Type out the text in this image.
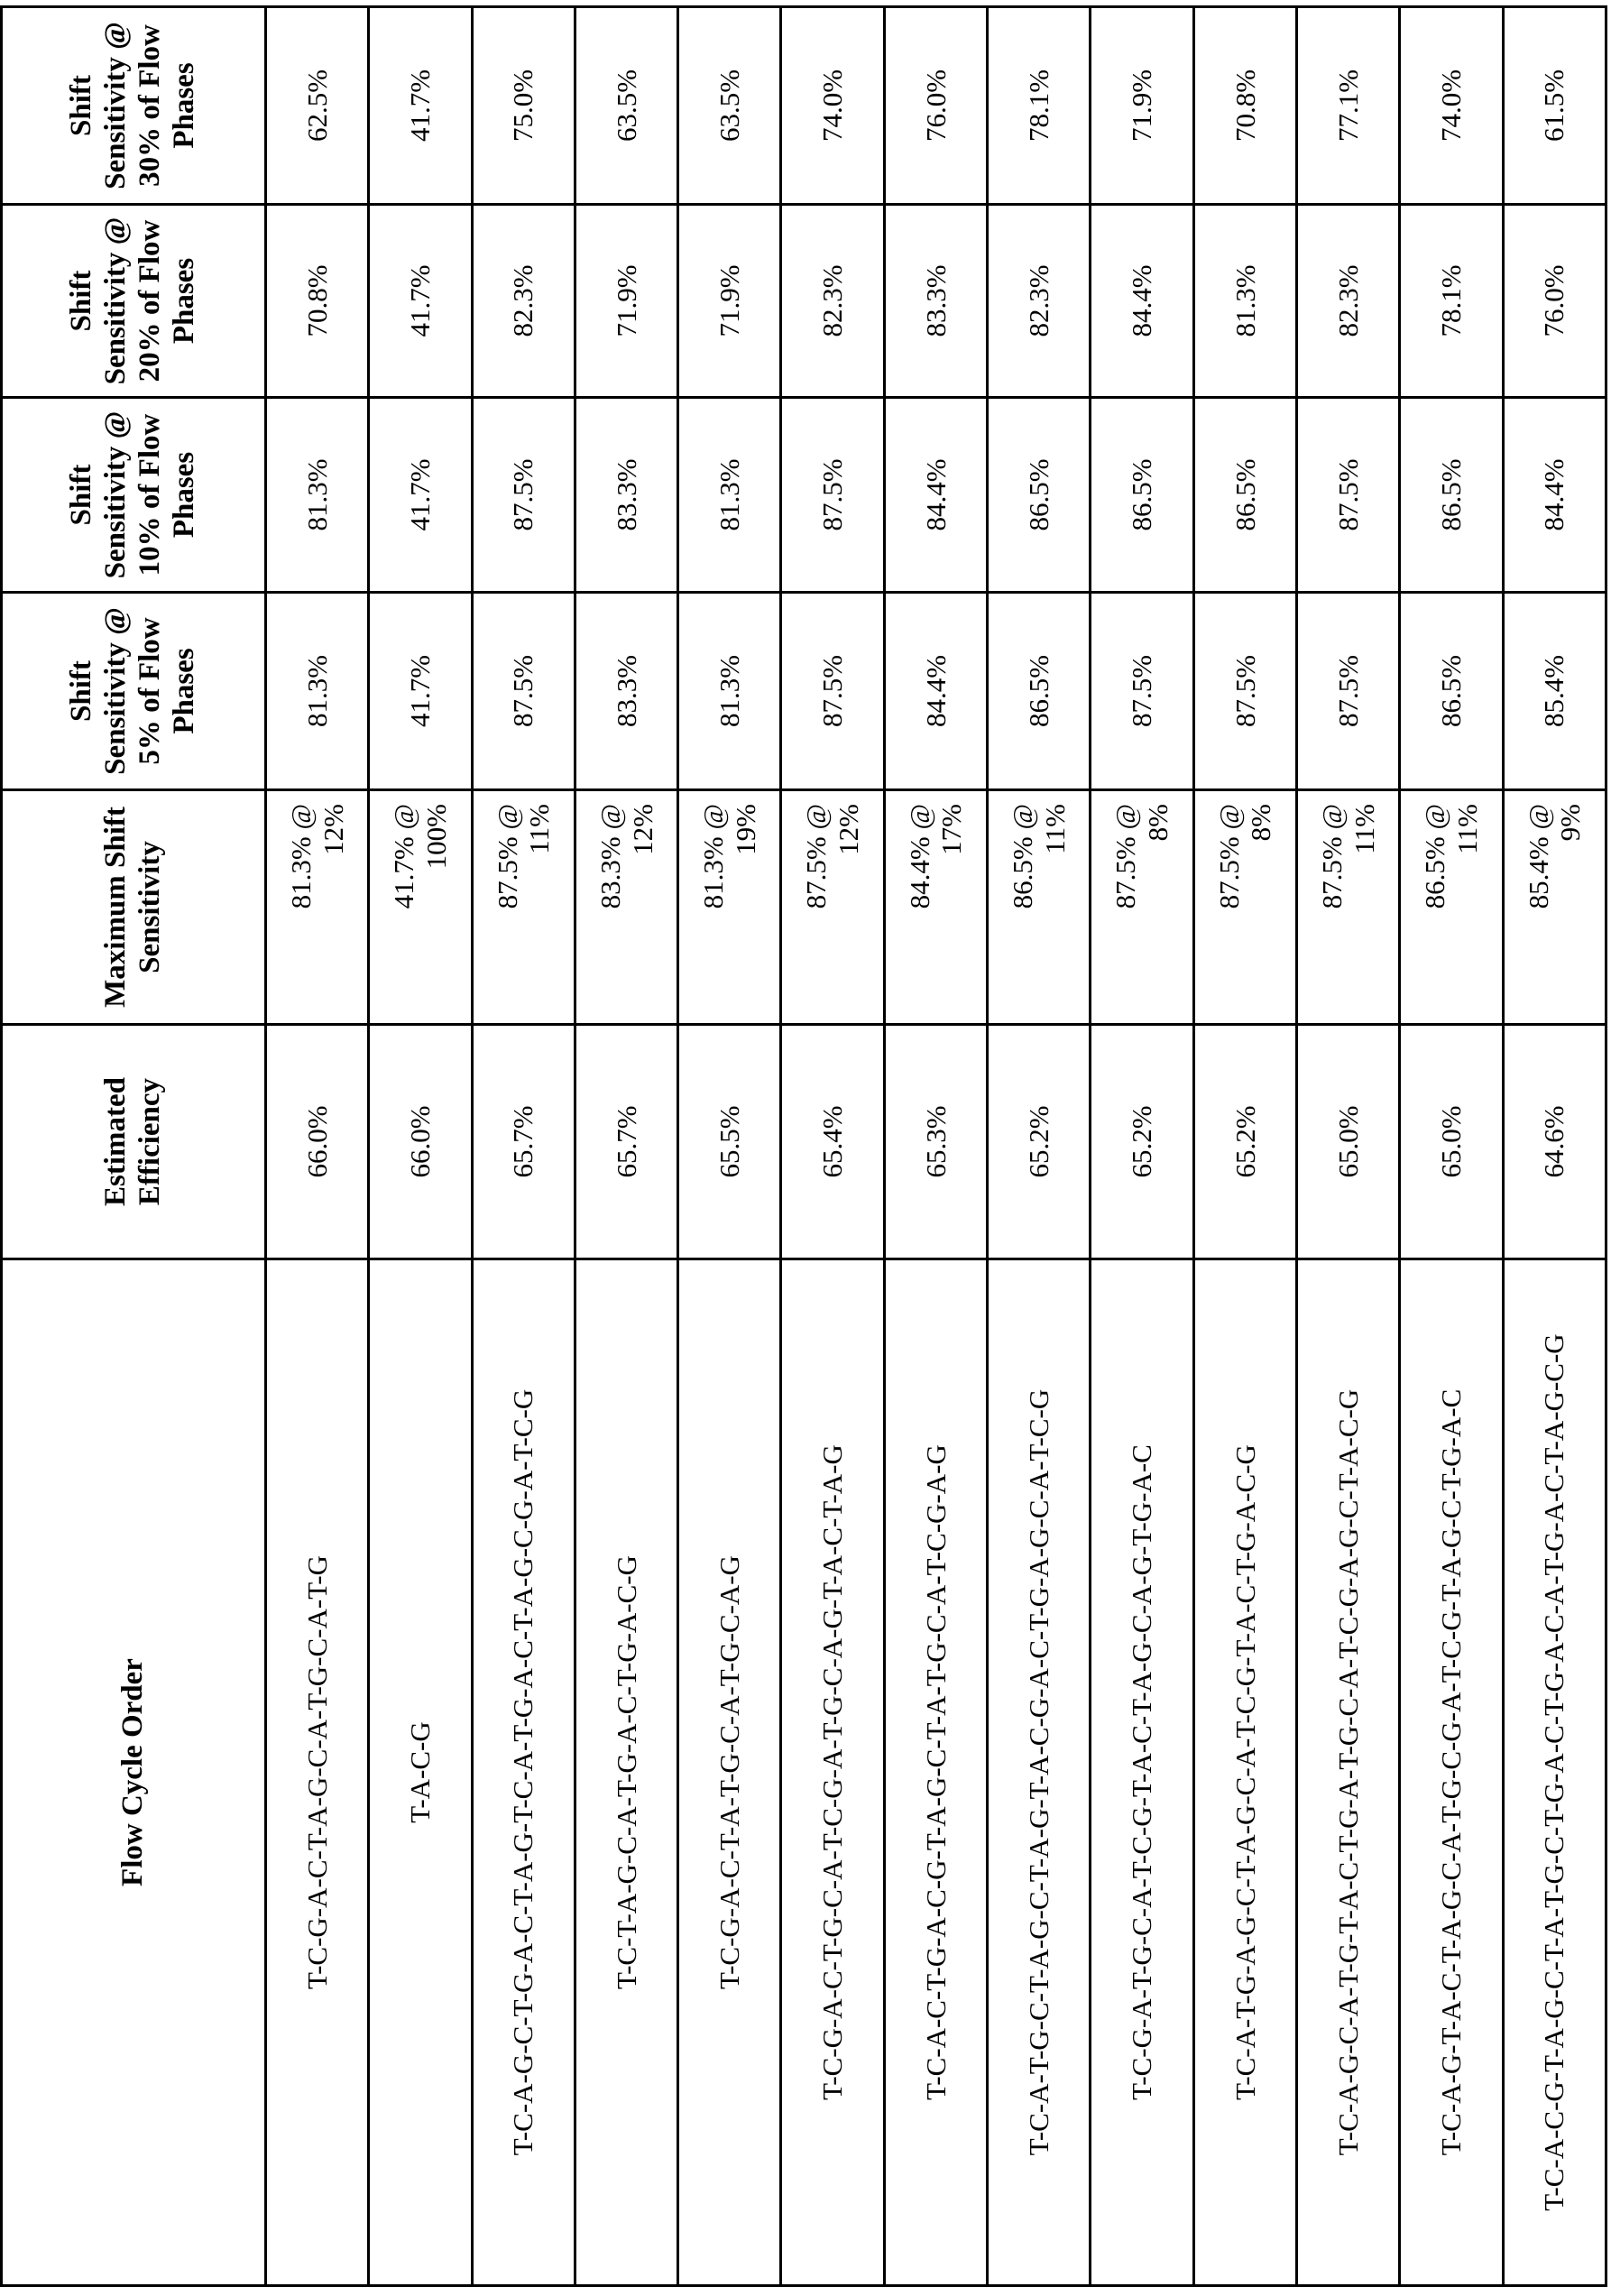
Flow Cycle Order	Estimated Efficiency	Maximum Shift Sensitivity	Shift Sensitivity @ 5% of Flow Phases	Shift Sensitivity @ 10% of Flow Phases	Shift Sensitivity @ 20% of Flow Phases	Shift Sensitivity @ 30% of Flow Phases
T-C-G-A-C-T-A-G-C-A-T-G-C-A-T-G	66.0%	
81.3% @ 12%
	81.3%	81.3%	70.8%	62.5%
T-A-C-G	66.0%	
41.7% @ 100%
	41.7%	41.7%	41.7%	41.7%
T-C-A-G-C-T-G-A-C-T-A-G-T-C-A-T-G-A-C-T-A-G-C-G-A-T-C-G	65.7%	
87.5% @ 11%
	87.5%	87.5%	82.3%	75.0%
T-C-T-A-G-C-A-T-G-A-C-T-G-A-C-G	65.7%	
83.3% @ 12%
	83.3%	83.3%	71.9%	63.5%
T-C-G-A-C-T-A-T-G-C-A-T-G-C-A-G	65.5%	
81.3% @ 19%
	81.3%	81.3%	71.9%	63.5%
T-C-G-A-C-T-G-C-A-T-C-G-A-T-G-C-A-G-T-A-C-T-A-G	65.4%	
87.5% @ 12%
	87.5%	87.5%	82.3%	74.0%
T-C-A-C-T-G-A-C-G-T-A-G-C-T-A-T-G-C-A-T-C-G-A-G	65.3%	
84.4% @ 17%
	84.4%	84.4%	83.3%	76.0%
T-C-A-T-G-C-T-A-G-C-T-A-G-T-A-C-G-A-C-T-G-A-G-C-A-T-C-G	65.2%	
86.5% @ 11%
	86.5%	86.5%	82.3%	78.1%
T-C-G-A-T-G-C-A-T-C-G-T-A-C-T-A-G-C-A-G-T-G-A-C	65.2%	
87.5% @ 8%
	87.5%	86.5%	84.4%	71.9%
T-C-A-T-G-A-G-C-T-A-G-C-A-T-C-G-T-A-C-T-G-A-C-G	65.2%	
87.5% @ 8%
	87.5%	86.5%	81.3%	70.8%
T-C-A-G-C-A-T-G-T-A-C-T-G-A-T-G-C-A-T-C-G-A-G-C-T-A-C-G	65.0%	
87.5% @ 11%
	87.5%	87.5%	82.3%	77.1%
T-C-A-G-T-A-C-T-A-G-C-A-T-G-C-G-A-T-C-G-T-A-G-C-T-G-A-C	65.0%	
86.5% @ 11%
	86.5%	86.5%	78.1%	74.0%
T-C-A-C-G-T-A-G-C-T-A-T-G-C-T-G-A-C-T-G-A-C-A-T-G-A-C-T-A-G-C-G	64.6%	
85.4% @ 9%
	85.4%	84.4%	76.0%	61.5%
